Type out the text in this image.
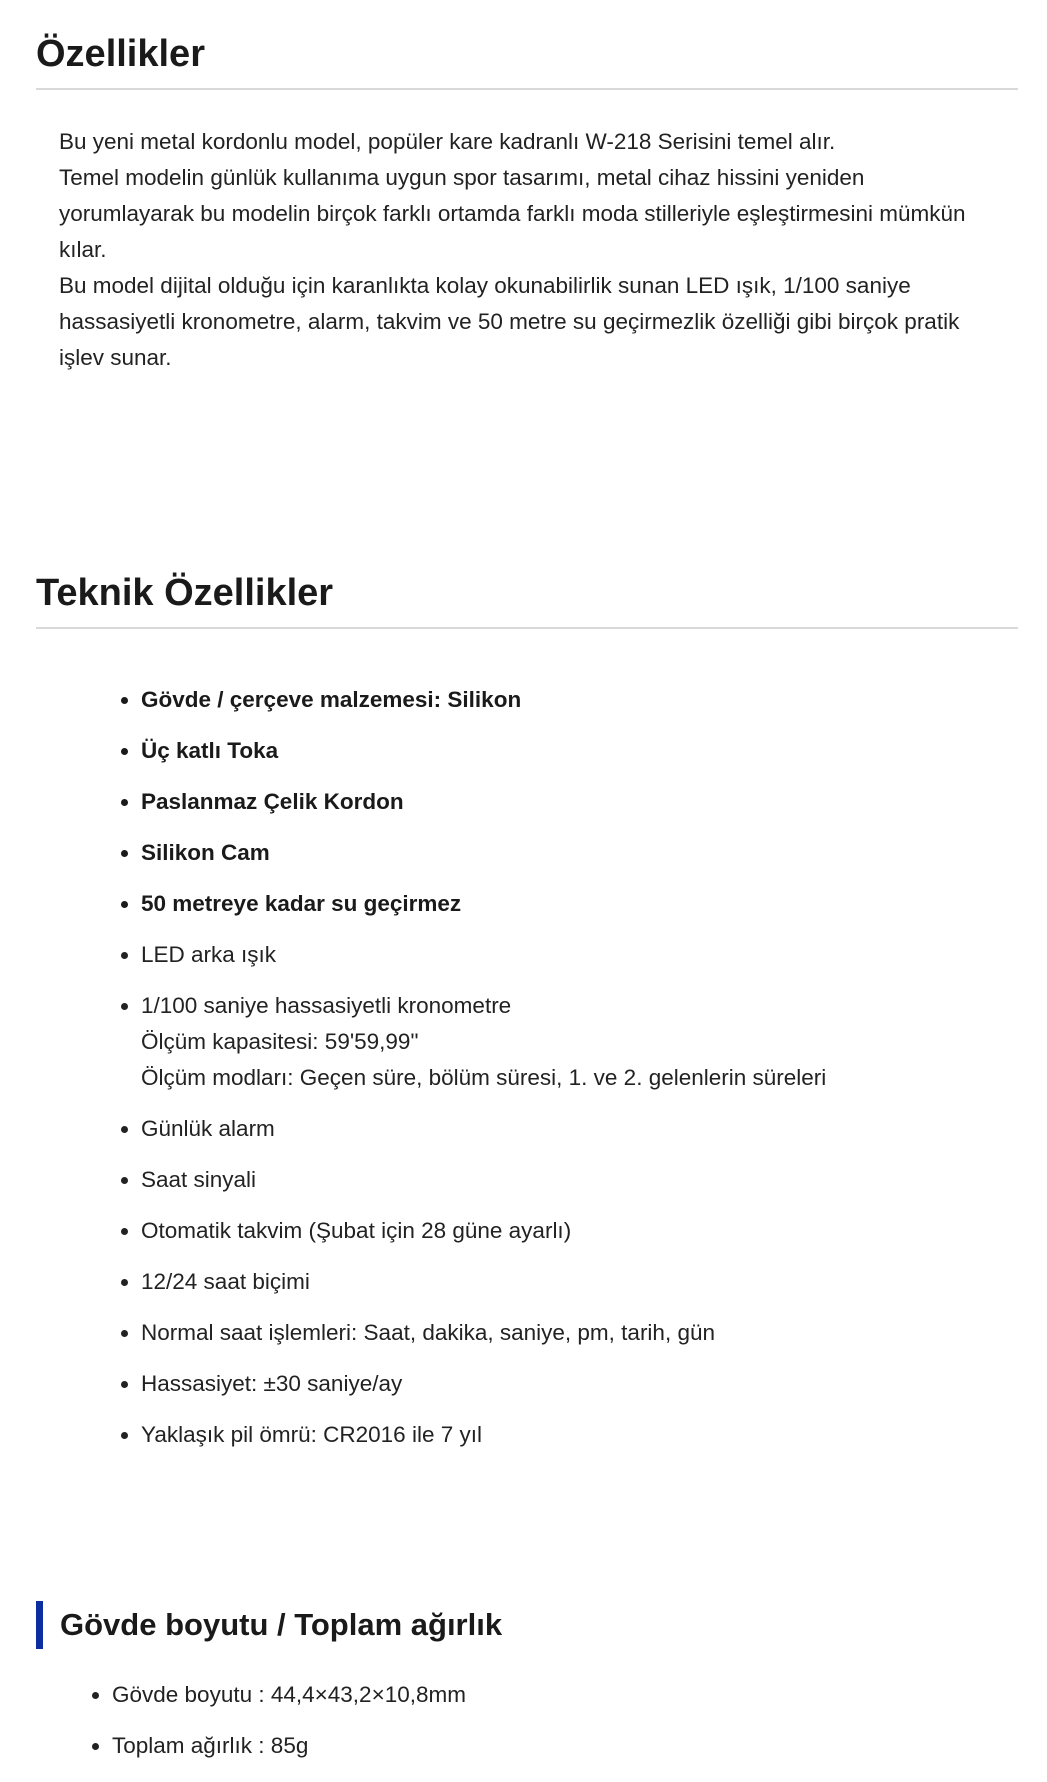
Özellikler

Bu yeni metal kordonlu model, popüler kare kadranlı W-218 Serisini temel alır.

Temel modelin günlük kullanıma uygun spor tasarımı, metal cihaz hissini yeniden yorumlayarak bu modelin birçok farklı ortamda farklı moda stilleriyle eşleştirmesini mümkün kılar.

Bu model dijital olduğu için karanlıkta kolay okunabilirlik sunan LED ışık, 1/100 saniye hassasiyetli kronometre, alarm, takvim ve 50 metre su geçirmezlik özelliği gibi birçok pratik işlev sunar.

Teknik Özellikler
• Gövde / çerçeve malzemesi: Silikon
• Üç katlı Toka
• Paslanmaz Çelik Kordon
• Silikon Cam
• 50 metreye kadar su geçirmez
• LED arka ışık
• 1/100 saniye hassasiyetli kronometre
Ölçüm kapasitesi: 59'59,99"
Ölçüm modları: Geçen süre, bölüm süresi, 1. ve 2. gelenlerin süreleri
• Günlük alarm
• Saat sinyali
• Otomatik takvim (Şubat için 28 güne ayarlı)
• 12/24 saat biçimi
• Normal saat işlemleri: Saat, dakika, saniye, pm, tarih, gün
• Hassasiyet: ±30 saniye/ay
• Yaklaşık pil ömrü: CR2016 ile 7 yıl
Gövde boyutu / Toplam ağırlık
• Gövde boyutu : 44,4×43,2×10,8mm
• Toplam ağırlık : 85g
